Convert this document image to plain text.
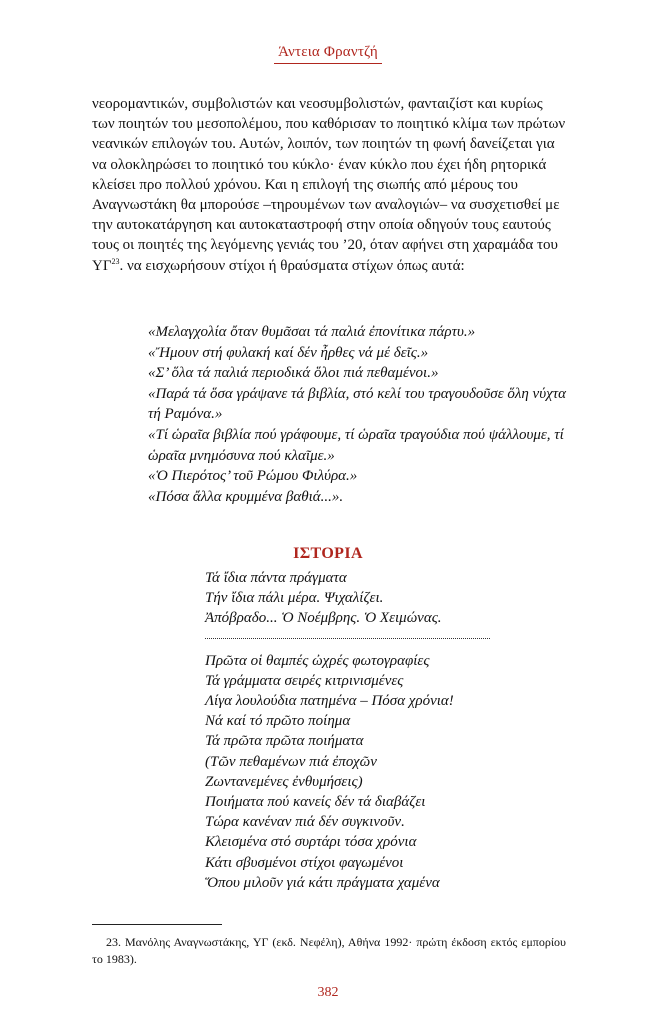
Άντεια Φραντζή

νεορομαντικών, συμβολιστών και νεοσυμβολιστών, φανταιζίστ και κυρίως των ποιητών του μεσοπολέμου, που καθόρισαν το ποιητικό κλίμα των πρώτων νεανικών επιλογών του. Αυτών, λοιπόν, των ποιητών τη φωνή δανείζεται για να ολοκληρώσει το ποιητικό του κύκλο· έναν κύκλο που έχει ήδη ρητορικά κλείσει προ πολλού χρόνου. Και η επιλογή της σιωπής από μέρους του Αναγνωστάκη θα μπορούσε –τηρουμένων των αναλογιών– να συσχετισθεί με την αυτοκατάργηση και αυτοκαταστροφή στην οποία οδηγούν τους εαυτούς τους οι ποιητές της λεγόμενης γενιάς του ’20, όταν αφήνει στη χαραμάδα του ΥΓ$^{23}$. να εισχωρήσουν στίχοι ή θραύσματα στίχων όπως αυτά:

«Μελαγχολία ὄταν θυμᾶσαι τά παλιά ἐπονίτικα πάρτυ.»

«Ἤμουν στή φυλακή καί δέν ἦρθες νά μέ δεῖς.»

«Σ’ ὅλα τά παλιά περιοδικά ὅλοι πιά πεθαμένοι.»

«Παρά τά ὅσα γράψανε τά βιβλία, στό κελί του τραγουδοῦσε ὅλη νύχτα τή Ραμόνα.»

«Τί ὡραῖα βιβλία πού γράφουμε, τί ὡραῖα τραγούδια πού ψάλλουμε, τί ὡραῖα μνημόσυνα πού κλαῖμε.»

«Ὁ Πιερότος’ τοῦ Ρώμου Φιλύρα.»

«Πόσα ἄλλα κρυμμένα βαθιά...».

ΙΣΤΟΡΙΑ

Τά ἴδια πάντα πράγματα

Τήν ἴδια πάλι μέρα. Ψιχαλίζει.

Ἀπόβραδο... Ὁ Νοέμβρης. Ὁ Χειμώνας.

Πρῶτα οἱ θαμπές ὠχρές φωτογραφίες

Τά γράμματα σειρές κιτρινισμένες

Λίγα λουλούδια πατημένα – Πόσα χρόνια!

Νά καί τό πρῶτο ποίημα

Τά πρῶτα πρῶτα ποιήματα

(Τῶν πεθαμένων πιά ἐποχῶν

Ζωντανεμένες ἐνθυμήσεις)

Ποιήματα πού κανείς δέν τά διαβάζει

Τώρα κανέναν πιά δέν συγκινοῦν.

Κλεισμένα στό συρτάρι τόσα χρόνια

Κάτι σβυσμένοι στίχοι φαγωμένοι

Ὅπου μιλοῦν γιά κάτι πράγματα χαμένα

23. Μανόλης Αναγνωστάκης, ΥΓ (εκδ. Νεφέλη), Αθήνα 1992· πρώτη έκδοση εκτός εμπορίου το 1983).
382
